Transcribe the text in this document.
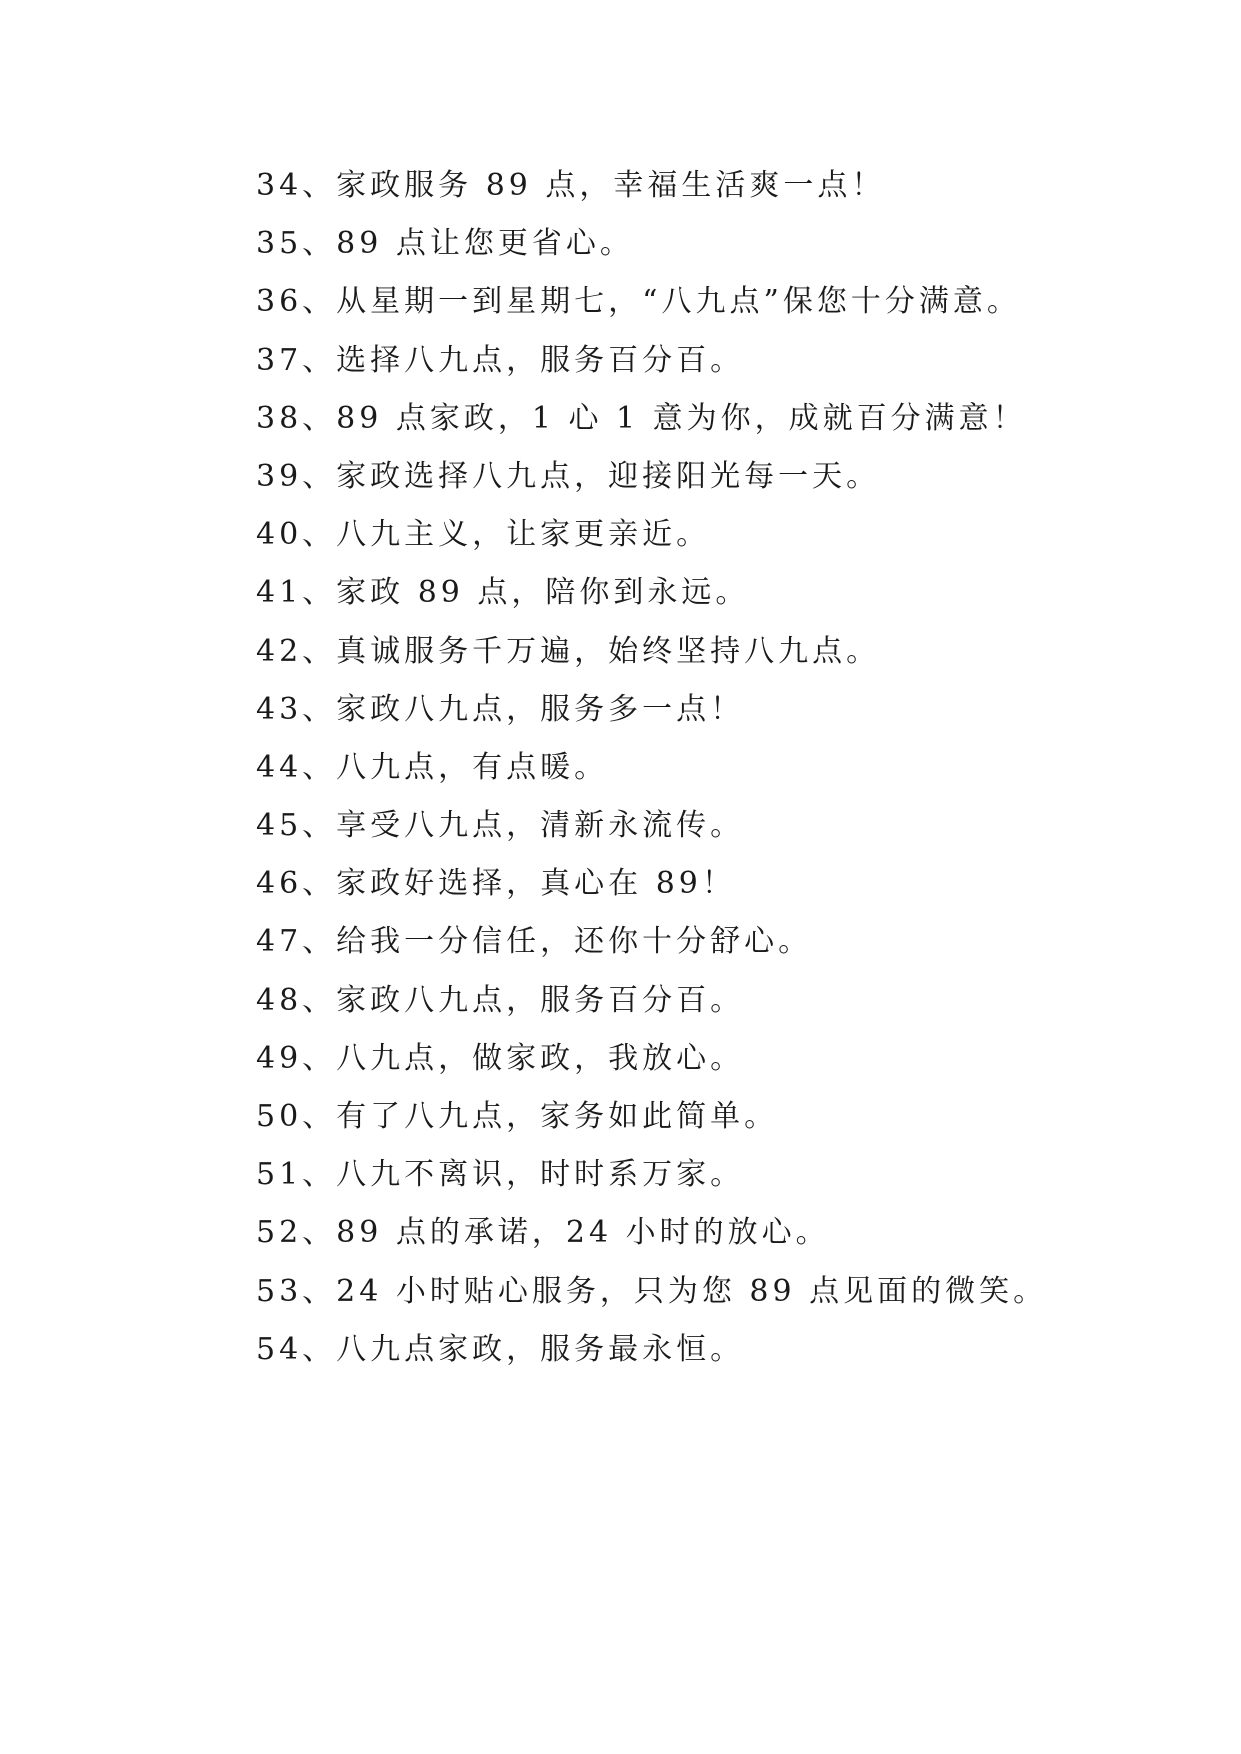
34、家政服务 89 点，幸福生活爽一点！
35、89 点让您更省心。
36、从星期一到星期七，“八九点”保您十分满意。
37、选择八九点，服务百分百。
38、89 点家政，1 心 1 意为你，成就百分满意！
39、家政选择八九点，迎接阳光每一天。
40、八九主义，让家更亲近。
41、家政 89 点，陪你到永远。
42、真诚服务千万遍，始终坚持八九点。
43、家政八九点，服务多一点！
44、八九点，有点暖。
45、享受八九点，清新永流传。
46、家政好选择，真心在 89！
47、给我一分信任，还你十分舒心。
48、家政八九点，服务百分百。
49、八九点，做家政，我放心。
50、有了八九点，家务如此简单。
51、八九不离识，时时系万家。
52、89 点的承诺，24 小时的放心。
53、24 小时贴心服务，只为您 89 点见面的微笑。
54、八九点家政，服务最永恒。
